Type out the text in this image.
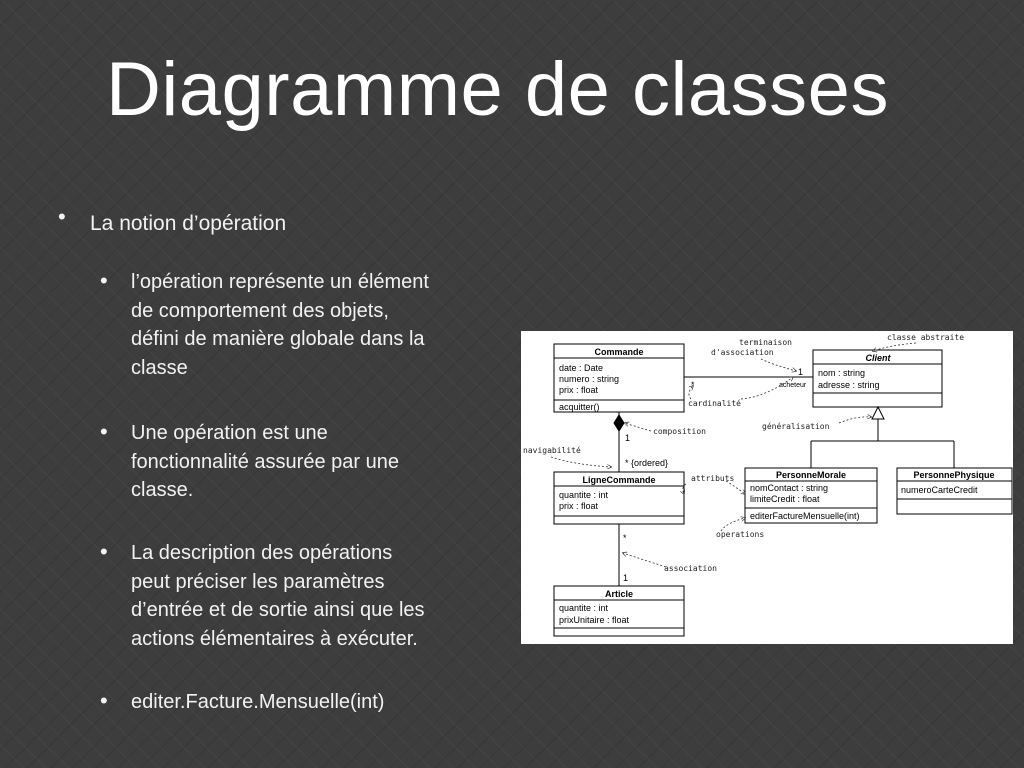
Diagramme de classes
• La notion d’opération
• l’opération représente un élément
de comportement des objets,
défini de manière globale dans la
classe
• Une opération est une
fonctionnalité assurée par une
classe.
• La description des opérations
peut préciser les paramètres
d’entrée et de sortie ainsi que les
actions élémentaires à exécuter.
• editer.Facture.Mensuelle(int)
Commande
date : Date
numero : string
prix : float
acquitter()
Client
nom : string
adresse : string
LigneCommande
quantite : int
prix : float
PersonneMorale
nomContact : string
limiteCredit : float
editerFactureMensuelle(int)
PersonnePhysique
numeroCarteCredit
Article
quantite : int
prixUnitaire : float
*
1
acheteur
1
* {ordered}
*
1
terminaison
d'association
classe abstraite
cardinalité
composition
généralisation
navigabilité
attributs
operations
association
